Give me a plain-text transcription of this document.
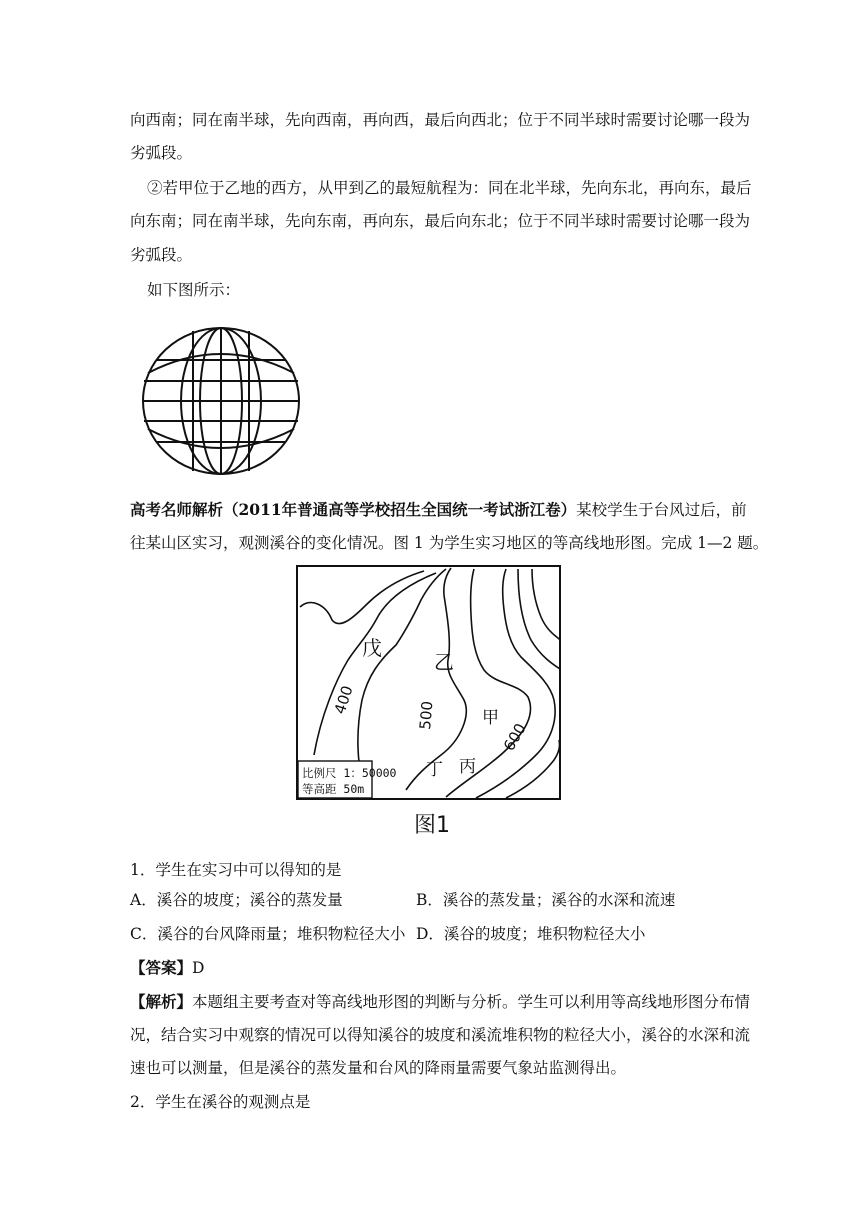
向西南；同在南半球，先向西南，再向西，最后向西北；位于不同半球时需要讨论哪一段为
劣弧段。
②若甲位于乙地的西方，从甲到乙的最短航程为：同在北半球，先向东北，再向东，最后
向东南；同在南半球，先向东南，再向东，最后向东北；位于不同半球时需要讨论哪一段为
劣弧段。
如下图所示：
高考名师解析（2011年普通高等学校招生全国统一考试浙江卷）某校学生于台风过后，前
往某山区实习，观测溪谷的变化情况。图 1 为学生实习地区的等高线地形图。完成 1—2 题。
比例尺 1：50000
等高距 50m
戊
乙
甲
丁 丙
400	500
600
图1
1．学生在实习中可以得知的是
A．溪谷的坡度；溪谷的蒸发量	B．溪谷的蒸发量；溪谷的水深和流速
C．溪谷的台风降雨量；堆积物粒径大小 D．溪谷的坡度；堆积物粒径大小
【答案】D
【解析】本题组主要考查对等高线地形图的判断与分析。学生可以利用等高线地形图分布情
况，结合实习中观察的情况可以得知溪谷的坡度和溪流堆积物的粒径大小，溪谷的水深和流
速也可以测量，但是溪谷的蒸发量和台风的降雨量需要气象站监测得出。
2．学生在溪谷的观测点是
